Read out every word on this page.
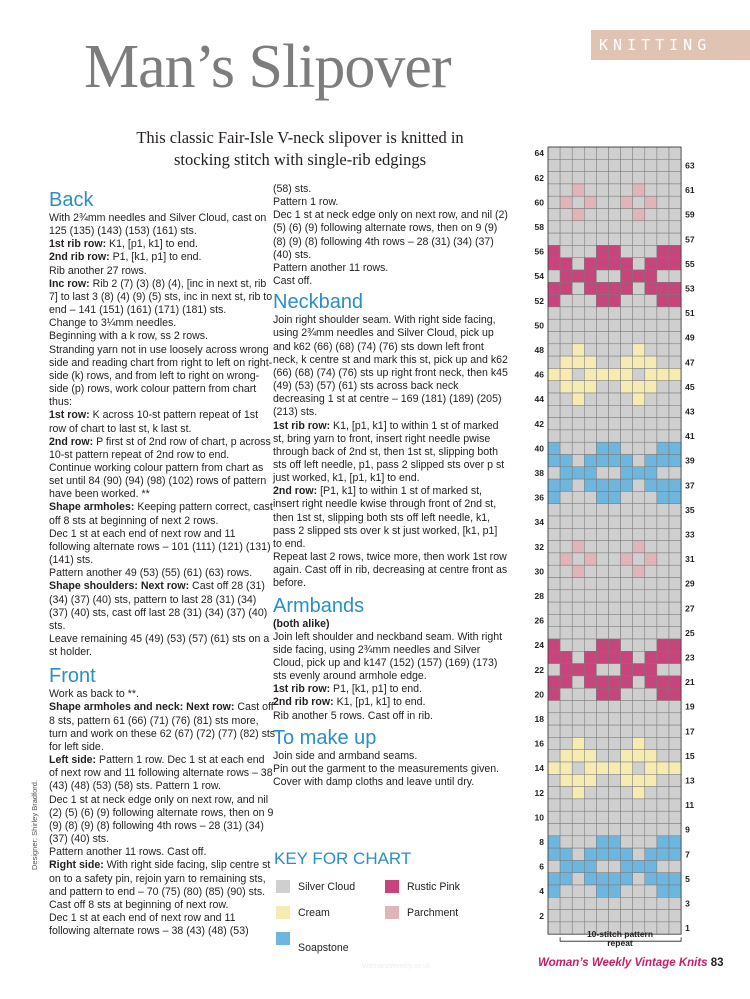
KNITTING
Man’s Slipover
This classic Fair-Isle V-neck slipover is knitted in
stocking stitch with single-rib edgings
Back

With 2¾mm needles and Silver Cloud, cast on 125 (135) (143) (153) (161) sts.

1st rib row: K1, [p1, k1] to end.

2nd rib row: P1, [k1, p1] to end.

Rib another 27 rows.

Inc row: Rib 2 (7) (3) (8) (4), [inc in next st, rib 7] to last 3 (8) (4) (9) (5) sts, inc in next st, rib to end – 141 (151) (161) (171) (181) sts.

Change to 3¼mm needles.

Beginning with a k row, ss 2 rows.

Stranding yarn not in use loosely across wrong side and reading chart from right to left on right-side (k) rows, and from left to right on wrong-side (p) rows, work colour pattern from chart thus:

1st row: K across 10-st pattern repeat of 1st row of chart to last st, k last st.

2nd row: P first st of 2nd row of chart, p across 10-st pattern repeat of 2nd row to end.

Continue working colour pattern from chart as set until 84 (90) (94) (98) (102) rows of pattern have been worked. **

Shape armholes: Keeping pattern correct, cast off 8 sts at beginning of next 2 rows.

Dec 1 st at each end of next row and 11 following alternate rows – 101 (111) (121) (131) (141) sts.

Pattern another 49 (53) (55) (61) (63) rows.

Shape shoulders: Next row: Cast off 28 (31) (34) (37) (40) sts, pattern to last 28 (31) (34) (37) (40) sts, cast off last 28 (31) (34) (37) (40) sts.

Leave remaining 45 (49) (53) (57) (61) sts on a st holder.

Front

Work as back to **.

Shape armholes and neck: Next row: Cast off 8 sts, pattern 61 (66) (71) (76) (81) sts more, turn and work on these 62 (67) (72) (77) (82) sts for left side.

Left side: Pattern 1 row. Dec 1 st at each end of next row and 11 following alternate rows – 38 (43) (48) (53) (58) sts. Pattern 1 row.

Dec 1 st at neck edge only on next row, and nil (2) (5) (6) (9) following alternate rows, then on 9 (9) (8) (9) (8) following 4th rows – 28 (31) (34) (37) (40) sts.

Pattern another 11 rows. Cast off.

Right side: With right side facing, slip centre st on to a safety pin, rejoin yarn to remaining sts, and pattern to end – 70 (75) (80) (85) (90) sts.

Cast off 8 sts at beginning of next row.

Dec 1 st at each end of next row and 11 following alternate rows – 38 (43) (48) (53)

(58) sts.

Pattern 1 row.

Dec 1 st at neck edge only on next row, and nil (2) (5) (6) (9) following alternate rows, then on 9 (9) (8) (9) (8) following 4th rows – 28 (31) (34) (37) (40) sts.

Pattern another 11 rows.

Cast off.

Neckband

Join right shoulder seam. With right side facing, using 2¾mm needles and Silver Cloud, pick up and k62 (66) (68) (74) (76) sts down left front neck, k centre st and mark this st, pick up and k62 (66) (68) (74) (76) sts up right front neck, then k45 (49) (53) (57) (61) sts across back neck decreasing 1 st at centre – 169 (181) (189) (205) (213) sts.

1st rib row: K1, [p1, k1] to within 1 st of marked st, bring yarn to front, insert right needle pwise through back of 2nd st, then 1st st, slipping both sts off left needle, p1, pass 2 slipped sts over p st just worked, k1, [p1, k1] to end.

2nd row: [P1, k1] to within 1 st of marked st, insert right needle kwise through front of 2nd st, then 1st st, slipping both sts off left needle, k1, pass 2 slipped sts over k st just worked, [k1, p1] to end.

Repeat last 2 rows, twice more, then work 1st row again. Cast off in rib, decreasing at centre front as before.

Armbands

(both alike)

Join left shoulder and neckband seam. With right side facing, using 2¾mm needles and Silver Cloud, pick up and k147 (152) (157) (169) (173) sts evenly around armhole edge.

1st rib row: P1, [k1, p1] to end.

2nd rib row: K1, [p1, k1] to end.

Rib another 5 rows. Cast off in rib.

To make up

Join side and armband seams.

Pin out the garment to the measurements given. Cover with damp cloths and leave until dry.

KEY FOR CHART
Silver Cloud	Rustic Pink
Cream	Parchment
Soapstone
64
63
62
61
60
59
58
57
56
55
54
53
52
51
50
49
48
47
46
45
44
43
42
41
40
39
38
37
36
35
34
33
32
31
30
29
28
27
26
25
24
23
22
21
20
19
18
17
16
15
14
13
12
11
10
9
8
7
6
5
4
3
2
1
10-stitch pattern
repeat
Designer: Shirley Bradford.
WomansWeekly.co.uk	Woman’s Weekly Vintage Knits 83
